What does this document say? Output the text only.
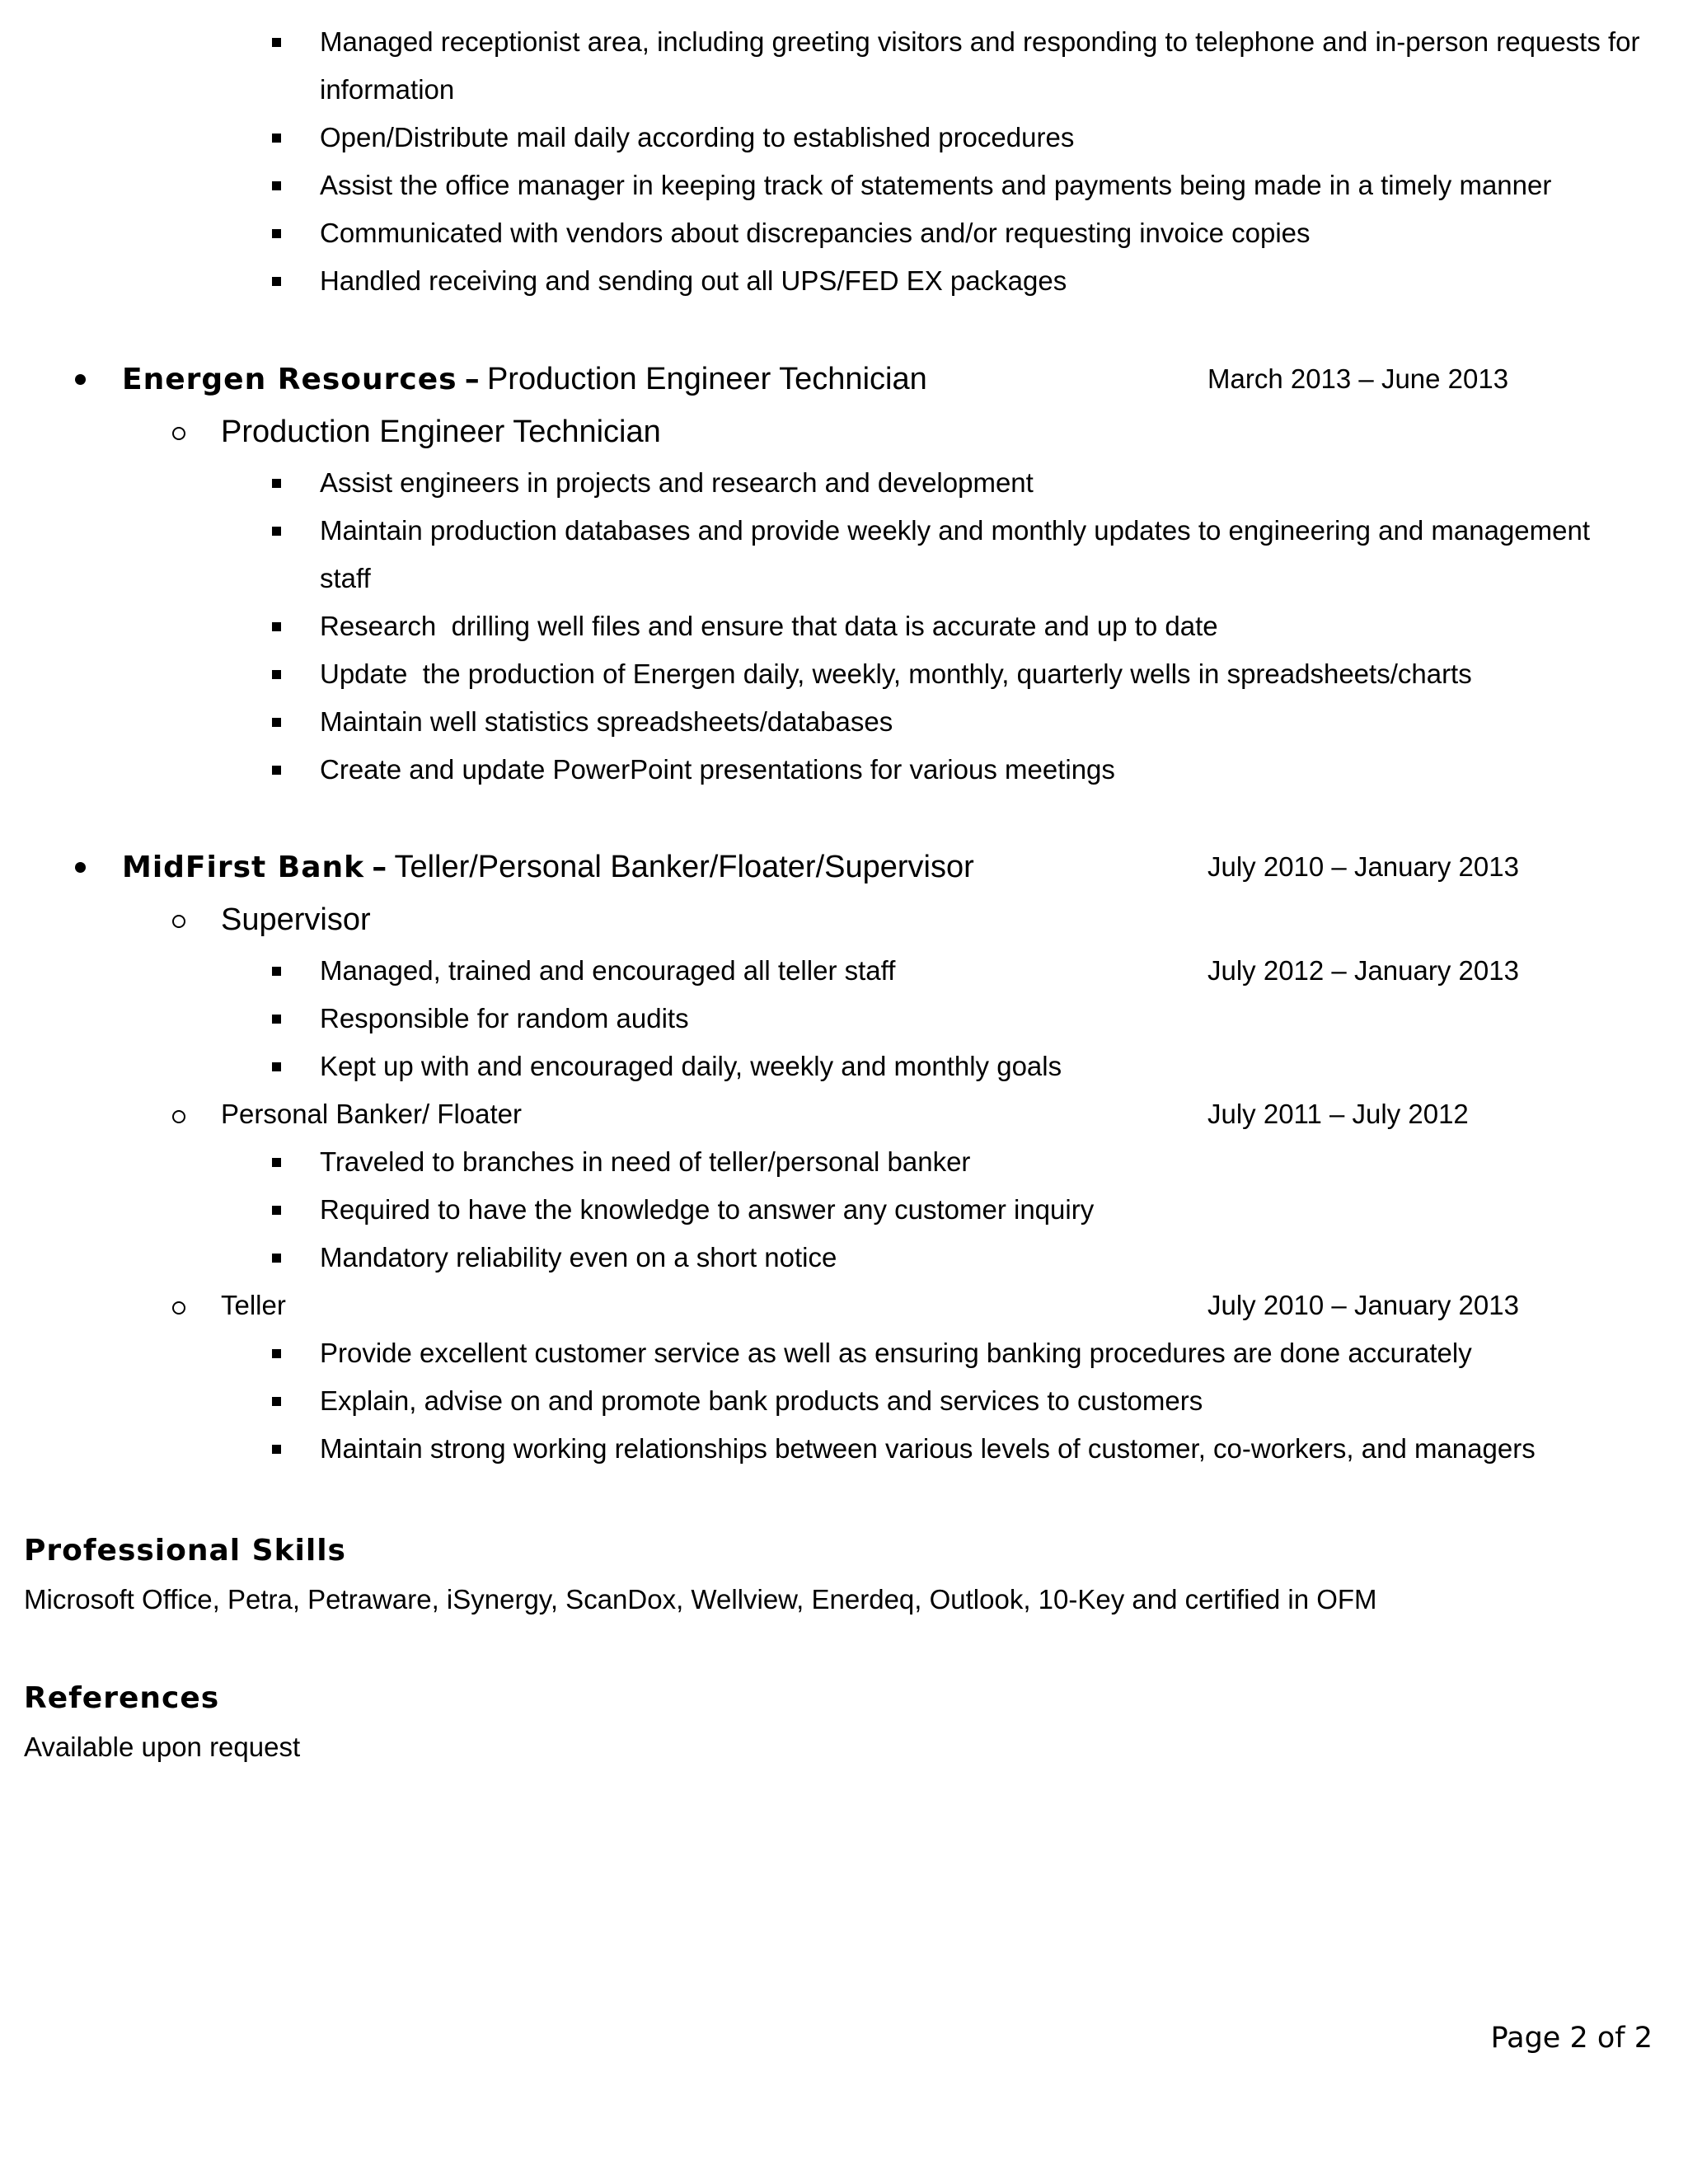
Managed receptionist area, including greeting visitors and responding to telephone and in-person requests for
information
Open/Distribute mail daily according to established procedures
Assist the office manager in keeping track of statements and payments being made in a timely manner
Communicated with vendors about discrepancies and/or requesting invoice copies
Handled receiving and sending out all UPS/FED EX packages
Energen Resources – Production Engineer Technician	March 2013 – June 2013
Production Engineer Technician
Assist engineers in projects and research and development
Maintain production databases and provide weekly and monthly updates to engineering and management
staff
Research  drilling well files and ensure that data is accurate and up to date
Update  the production of Energen daily, weekly, monthly, quarterly wells in spreadsheets/charts
Maintain well statistics spreadsheets/databases
Create and update PowerPoint presentations for various meetings
MidFirst Bank – Teller/Personal Banker/Floater/Supervisor	July 2010 – January 2013
Supervisor
Managed, trained and encouraged all teller staff	July 2012 – January 2013
Responsible for random audits
Kept up with and encouraged daily, weekly and monthly goals
Personal Banker/ Floater	July 2011 – July 2012
Traveled to branches in need of teller/personal banker
Required to have the knowledge to answer any customer inquiry
Mandatory reliability even on a short notice
Teller	July 2010 – January 2013
Provide excellent customer service as well as ensuring banking procedures are done accurately
Explain, advise on and promote bank products and services to customers
Maintain strong working relationships between various levels of customer, co-workers, and managers
Professional Skills
Microsoft Office, Petra, Petraware, iSynergy, ScanDox, Wellview, Enerdeq, Outlook, 10-Key and certified in OFM
References
Available upon request
Page 2 of 2
